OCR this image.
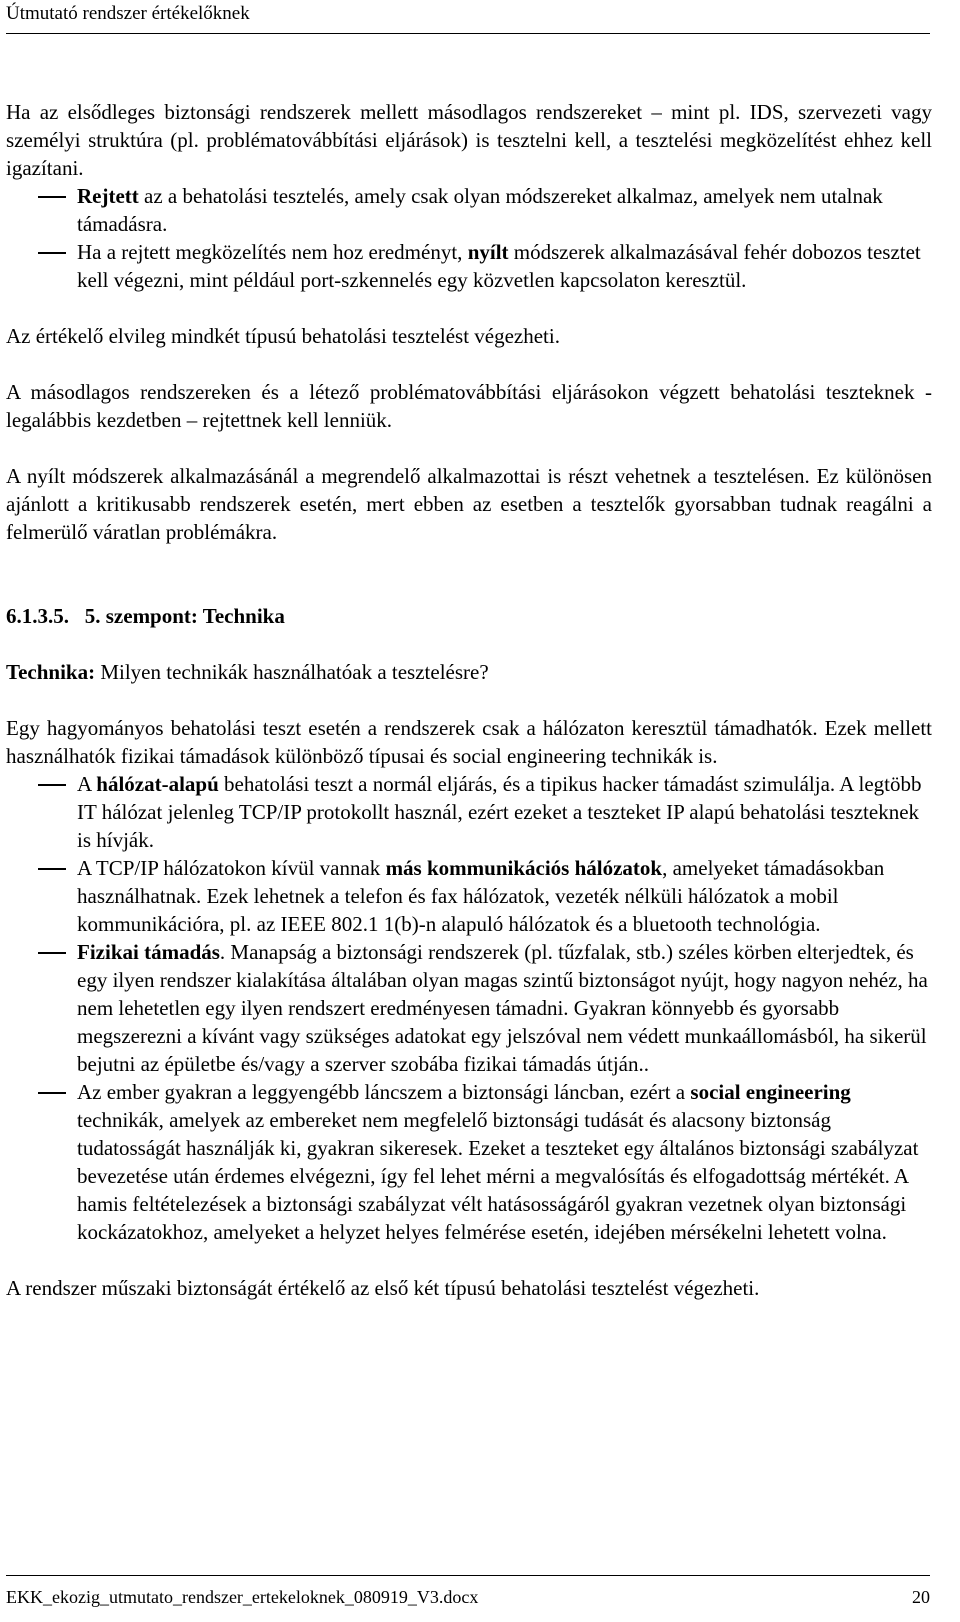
Útmutató rendszer értékelőknek

Ha az elsődleges biztonsági rendszerek mellett másodlagos rendszereket – mint pl. IDS, szervezeti vagy személyi struktúra (pl. problématovábbítási eljárások) is tesztelni kell, a tesztelési megközelítést ehhez kell igazítani.

Rejtett az a behatolási tesztelés, amely csak olyan módszereket alkalmaz, amelyek nem utalnak támadásra.
Ha a rejtett megközelítés nem hoz eredményt, nyílt módszerek alkalmazásával fehér dobozos tesztet kell végezni, mint például port-szkennelés egy közvetlen kapcsolaton keresztül.

Az értékelő elvileg mindkét típusú behatolási tesztelést végezheti.

A másodlagos rendszereken és a létező problématovábbítási eljárásokon végzett behatolási teszteknek - legalábbis kezdetben – rejtettnek kell lenniük.

A nyílt módszerek alkalmazásánál a megrendelő alkalmazottai is részt vehetnek a tesztelésen. Ez különösen ajánlott a kritikusabb rendszerek esetén, mert ebben az esetben a tesztelők gyorsabban tudnak reagálni a felmerülő váratlan problémákra.

6.1.3.5.   5. szempont: Technika

Technika: Milyen technikák használhatóak a tesztelésre?

Egy hagyományos behatolási teszt esetén a rendszerek csak a hálózaton keresztül támadhatók. Ezek mellett használhatók fizikai támadások különböző típusai és social engineering technikák is.

A hálózat-alapú behatolási teszt a normál eljárás, és a tipikus hacker támadást szimulálja. A legtöbb IT hálózat jelenleg TCP/IP protokollt használ, ezért ezeket a teszteket IP alapú behatolási teszteknek is hívják.
A TCP/IP hálózatokon kívül vannak más kommunikációs hálózatok, amelyeket támadásokban használhatnak. Ezek lehetnek a telefon és fax hálózatok, vezeték nélküli hálózatok a mobil kommunikációra, pl. az IEEE 802.1 1(b)-n alapuló hálózatok és a bluetooth technológia.
Fizikai támadás. Manapság a biztonsági rendszerek (pl. tűzfalak, stb.) széles körben elterjedtek, és egy ilyen rendszer kialakítása általában olyan magas szintű biztonságot nyújt, hogy nagyon nehéz, ha nem lehetetlen egy ilyen rendszert eredményesen támadni. Gyakran könnyebb és gyorsabb megszerezni a kívánt vagy szükséges adatokat egy jelszóval nem védett munkaállomásból, ha sikerül bejutni az épületbe és/vagy a szerver szobába fizikai támadás útján..
Az ember gyakran a leggyengébb láncszem a biztonsági láncban, ezért a social engineering technikák, amelyek az embereket nem megfelelő biztonsági tudását és alacsony biztonság tudatosságát használják ki, gyakran sikeresek. Ezeket a teszteket egy általános biztonsági szabályzat bevezetése után érdemes elvégezni, így fel lehet mérni a megvalósítás és elfogadottság mértékét. A hamis feltételezések a biztonsági szabályzat vélt hatásosságáról gyakran vezetnek olyan biztonsági kockázatokhoz, amelyeket a helyzet helyes felmérése esetén, idejében mérsékelni lehetett volna.

A rendszer műszaki biztonságát értékelő az első két típusú behatolási tesztelést végezheti.

EKK_ekozig_utmutato_rendszer_ertekeloknek_080919_V3.docx	20
